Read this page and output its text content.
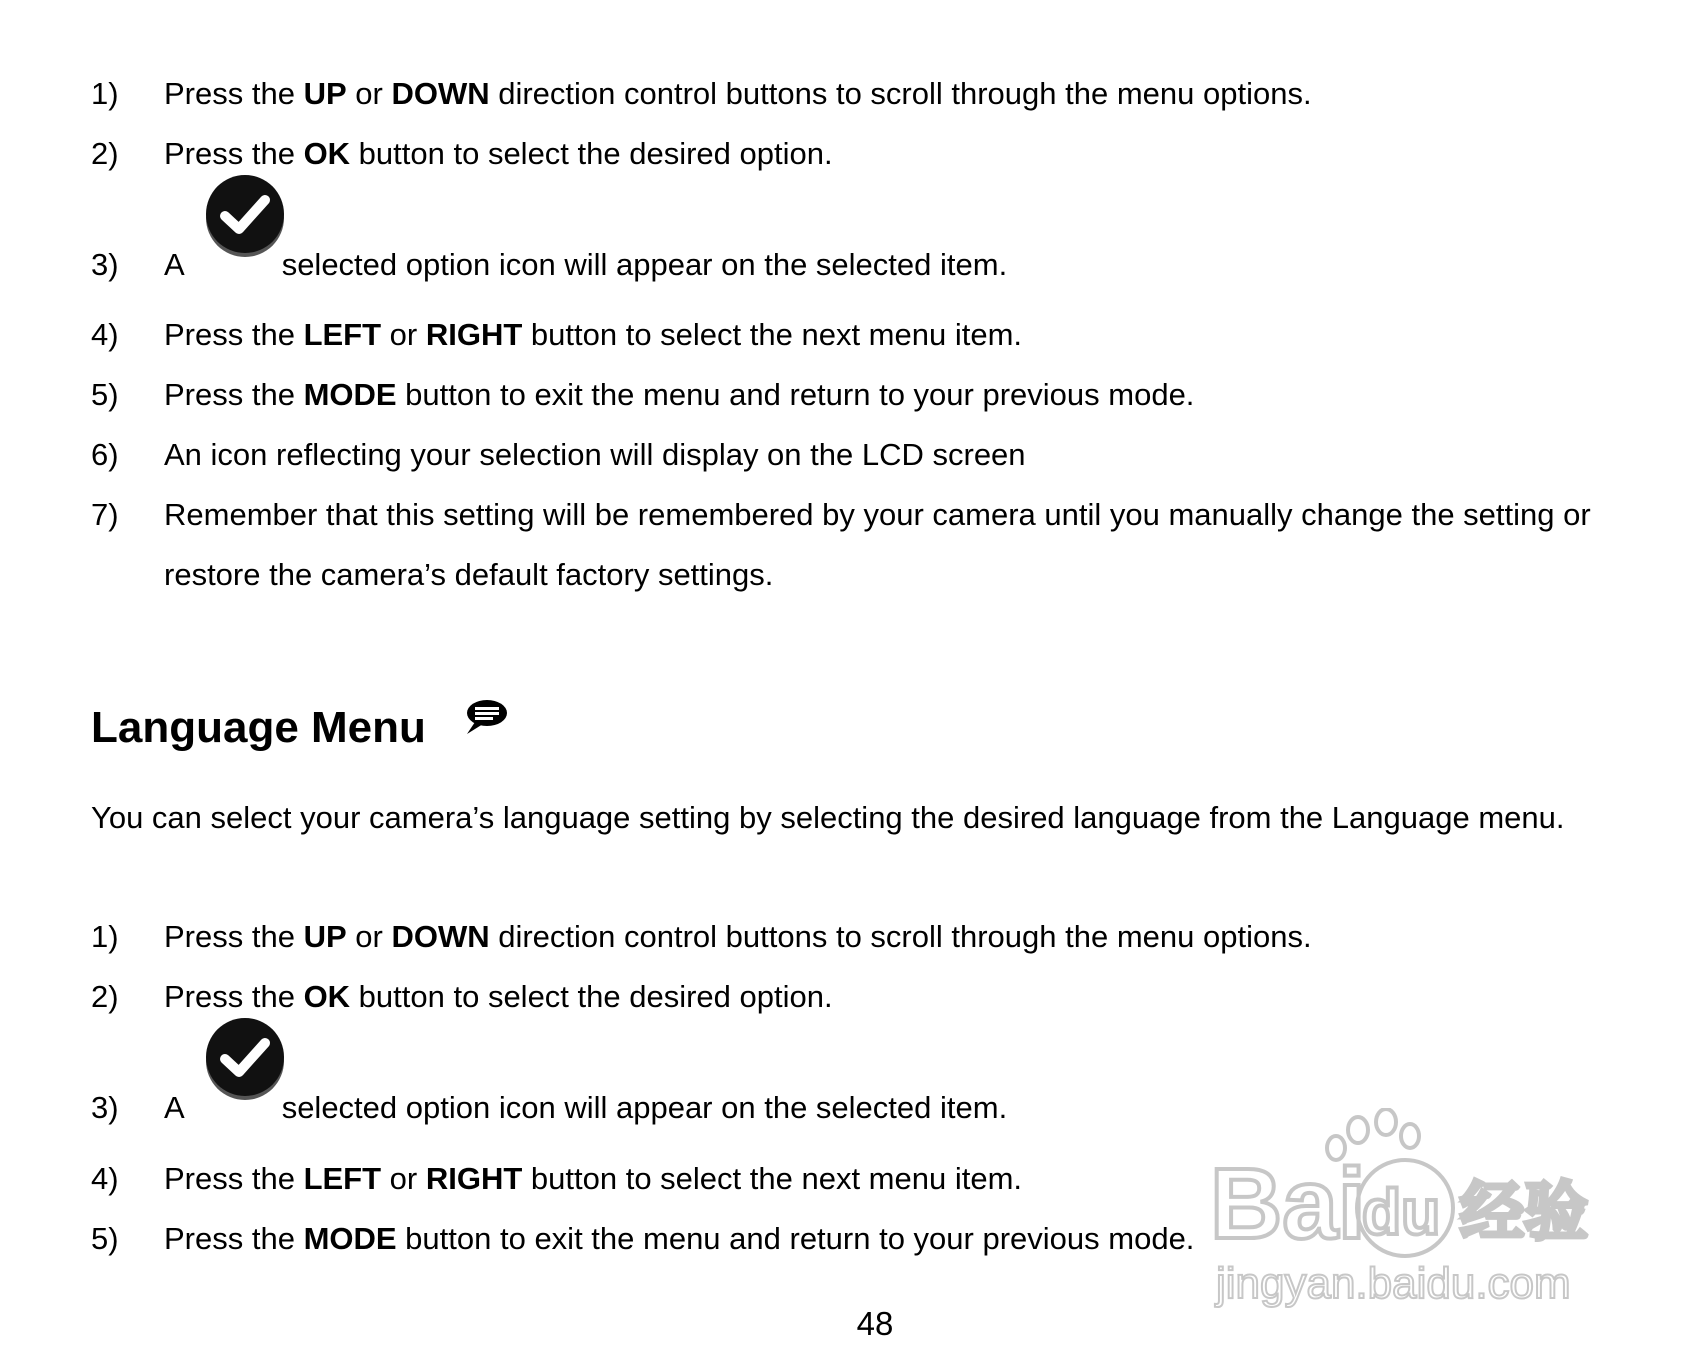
1)	Press the UP or DOWN direction control buttons to scroll through the menu options.
2)	Press the OK button to select the desired option.
3)	A	selected option icon will appear on the selected item.
4)	Press the LEFT or RIGHT button to select the next menu item.
5)	Press the MODE button to exit the menu and return to your previous mode.
6)	An icon reflecting your selection will display on the LCD screen
7)	Remember that this setting will be remembered by your camera until you manually change the setting or
restore the camera’s default factory settings.
Language Menu

You can select your camera’s language setting by selecting the desired language from the Language menu.

1)	Press the UP or DOWN direction control buttons to scroll through the menu options.
2)	Press the OK button to select the desired option.
3)	A	selected option icon will appear on the selected item.
4)	Press the LEFT or RIGHT button to select the next menu item.
5)	Press the MODE button to exit the menu and return to your previous mode. Bai
du 经验
jingyan.baidu.com
48
